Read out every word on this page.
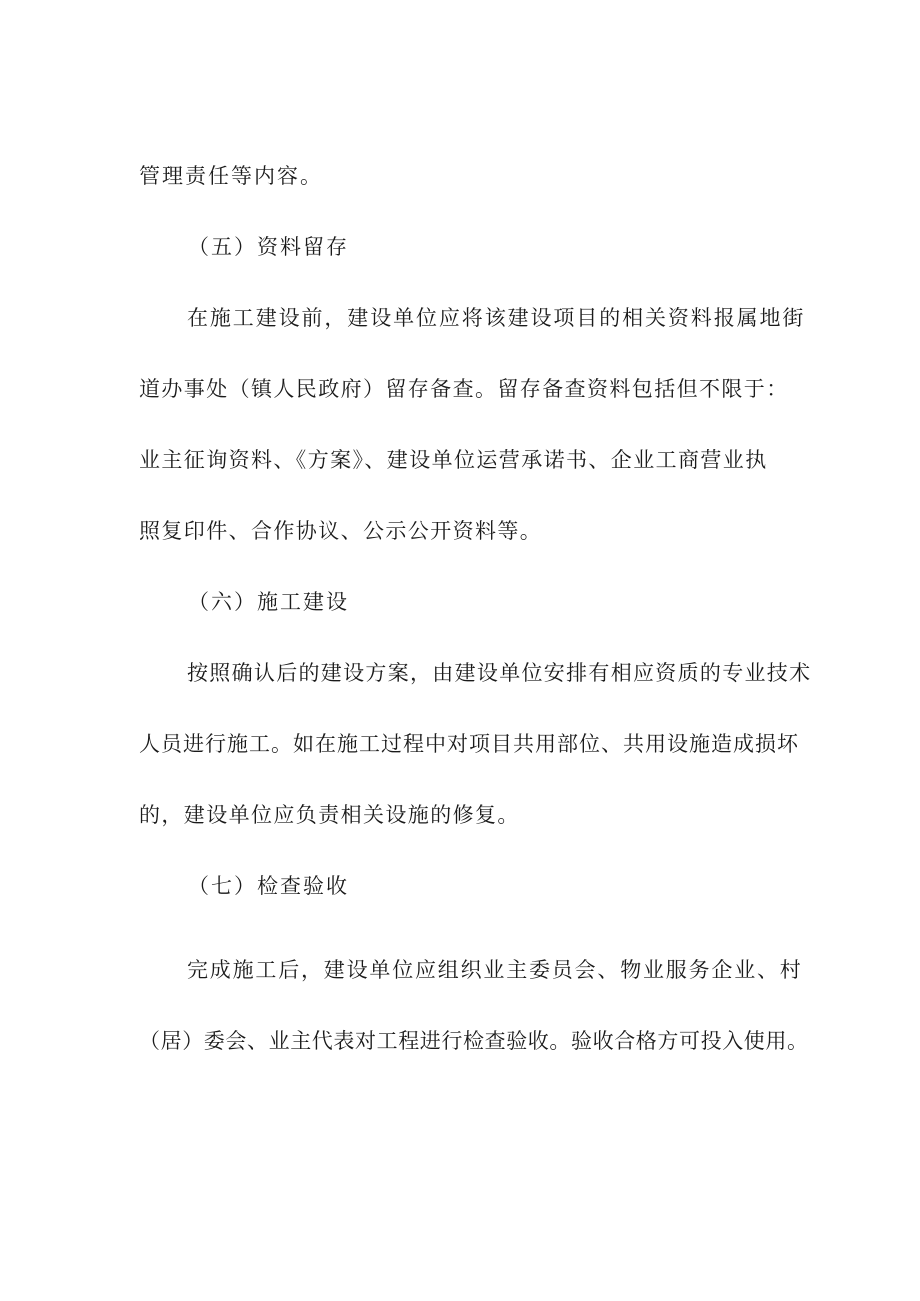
管理责任等内容。
（五）资料留存
在施工建设前，建设单位应将该建设项目的相关资料报属地街
道办事处（镇人民政府）留存备查。留存备查资料包括但不限于：
业主征询资料、《方案》、建设单位运营承诺书、企业工商营业执
照复印件、合作协议、公示公开资料等。
（六）施工建设
按照确认后的建设方案，由建设单位安排有相应资质的专业技术
人员进行施工。如在施工过程中对项目共用部位、共用设施造成损坏
的，建设单位应负责相关设施的修复。
（七）检查验收
完成施工后，建设单位应组织业主委员会、物业服务企业、村
（居）委会、业主代表对工程进行检查验收。验收合格方可投入使用。
